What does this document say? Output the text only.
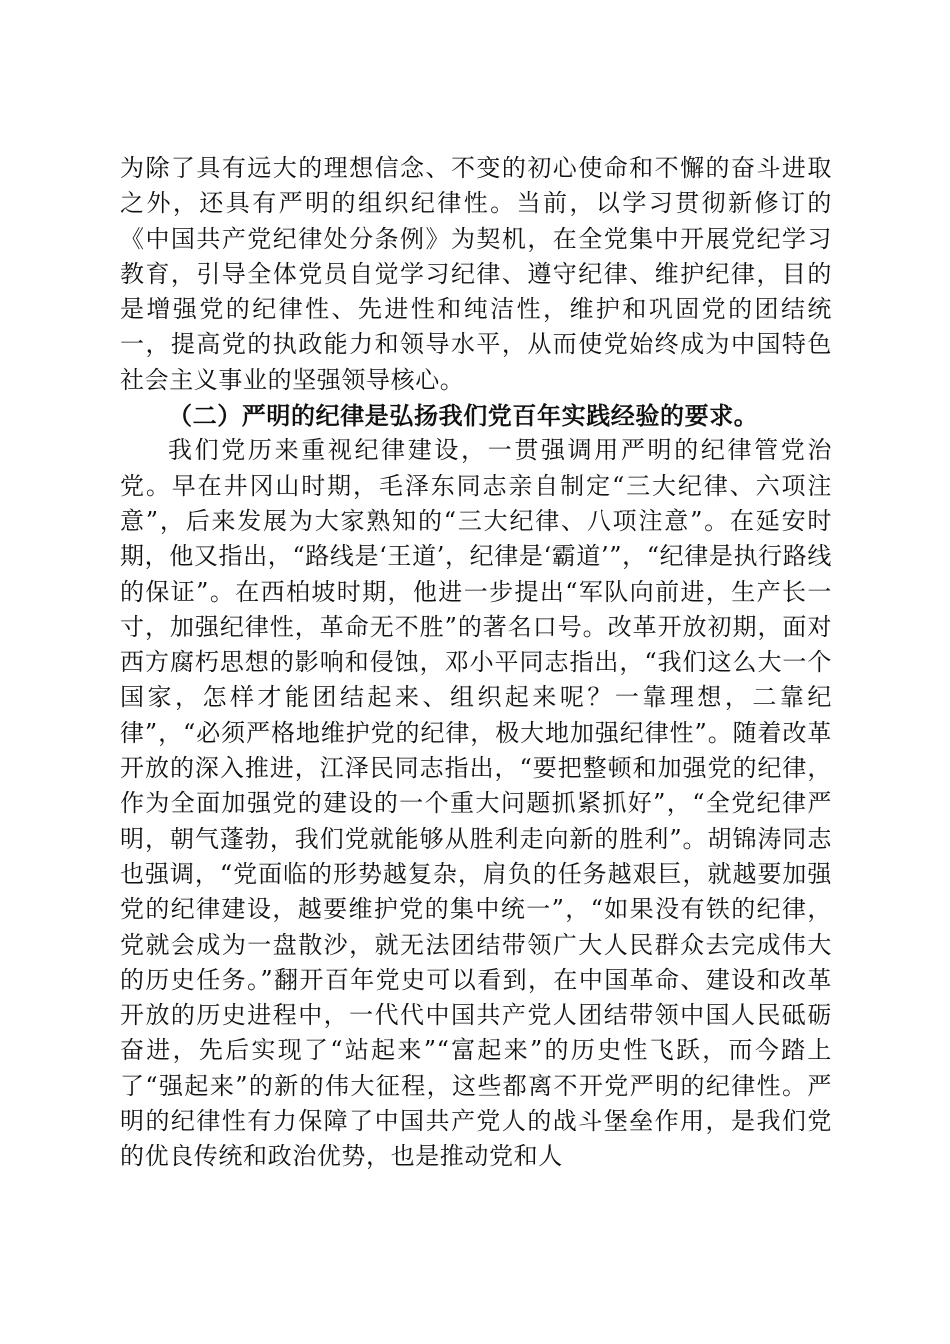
为除了具有远大的理想信念、不变的初心使命和不懈的奋斗进取之外，还具有严明的组织纪律性。当前，以学习贯彻新修订的《中国共产党纪律处分条例》为契机，在全党集中开展党纪学习教育，引导全体党员自觉学习纪律、遵守纪律、维护纪律，目的是增强党的纪律性、先进性和纯洁性，维护和巩固党的团结统一，提高党的执政能力和领导水平，从而使党始终成为中国特色社会主义事业的坚强领导核心。

（二）严明的纪律是弘扬我们党百年实践经验的要求。

我们党历来重视纪律建设，一贯强调用严明的纪律管党治党。早在井冈山时期，毛泽东同志亲自制定“三大纪律、六项注意”，后来发展为大家熟知的“三大纪律、八项注意”。在延安时期，他又指出，“路线是‘王道’，纪律是‘霸道’”，“纪律是执行路线的保证”。在西柏坡时期，他进一步提出“军队向前进，生产长一寸，加强纪律性，革命无不胜”的著名口号。改革开放初期，面对西方腐朽思想的影响和侵蚀，邓小平同志指出，“我们这么大一个国家，怎样才能团结起来、组织起来呢？一靠理想，二靠纪律”，“必须严格地维护党的纪律，极大地加强纪律性”。随着改革开放的深入推进，江泽民同志指出，“要把整顿和加强党的纪律，作为全面加强党的建设的一个重大问题抓紧抓好”，“全党纪律严明，朝气蓬勃，我们党就能够从胜利走向新的胜利”。胡锦涛同志也强调，“党面临的形势越复杂，肩负的任务越艰巨，就越要加强党的纪律建设，越要维护党的集中统一”，“如果没有铁的纪律，党就会成为一盘散沙，就无法团结带领广大人民群众去完成伟大的历史任务。”翻开百年党史可以看到，在中国革命、建设和改革开放的历史进程中，一代代中国共产党人团结带领中国人民砥砺奋进，先后实现了“站起来”“富起来”的历史性飞跃，而今踏上了“强起来”的新的伟大征程，这些都离不开党严明的纪律性。严明的纪律性有力保障了中国共产党人的战斗堡垒作用，是我们党的优良传统和政治优势，也是推动党和人
